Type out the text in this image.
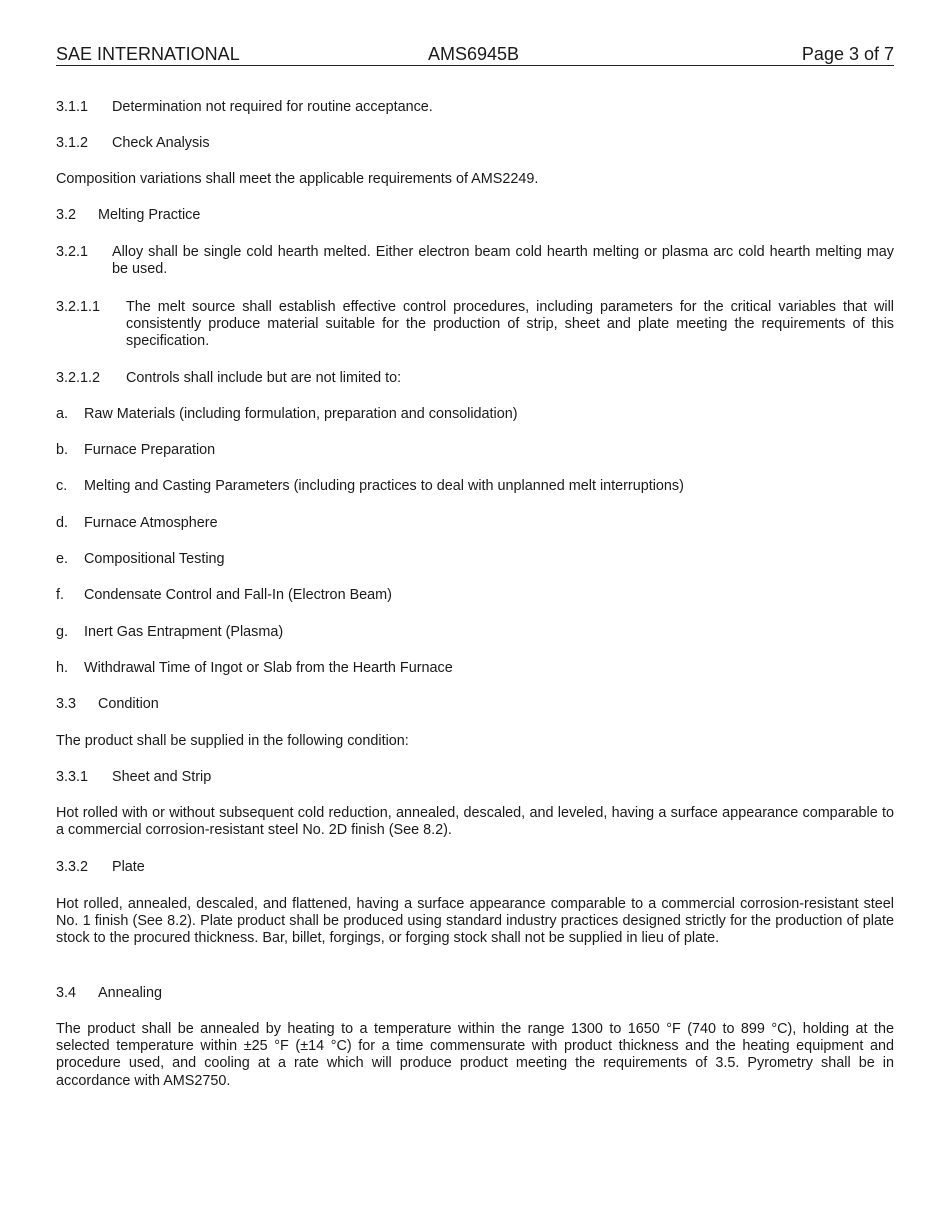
SAE INTERNATIONAL	AMS6945B	Page 3 of 7
3.1.1 Determination not required for routine acceptance.
3.1.2 Check Analysis
Composition variations shall meet the applicable requirements of AMS2249.
3.2 Melting Practice
3.2.1 Alloy shall be single cold hearth melted. Either electron beam cold hearth melting or plasma arc cold hearth melting may be used.
3.2.1.1 The melt source shall establish effective control procedures, including parameters for the critical variables that will consistently produce material suitable for the production of strip, sheet and plate meeting the requirements of this specification.
3.2.1.2 Controls shall include but are not limited to:
a. Raw Materials (including formulation, preparation and consolidation)
b. Furnace Preparation
c. Melting and Casting Parameters (including practices to deal with unplanned melt interruptions)
d. Furnace Atmosphere
e. Compositional Testing
f. Condensate Control and Fall-In (Electron Beam)
g. Inert Gas Entrapment (Plasma)
h. Withdrawal Time of Ingot or Slab from the Hearth Furnace
3.3 Condition
The product shall be supplied in the following condition:
3.3.1 Sheet and Strip
Hot rolled with or without subsequent cold reduction, annealed, descaled, and leveled, having a surface appearance comparable to a commercial corrosion-resistant steel No. 2D finish (See 8.2).
3.3.2 Plate
Hot rolled, annealed, descaled, and flattened, having a surface appearance comparable to a commercial corrosion-resistant steel No. 1 finish (See 8.2). Plate product shall be produced using standard industry practices designed strictly for the production of plate stock to the procured thickness. Bar, billet, forgings, or forging stock shall not be supplied in lieu of plate.
3.4 Annealing
The product shall be annealed by heating to a temperature within the range 1300 to 1650 °F (740 to 899 °C), holding at the selected temperature within ±25 °F (±14 °C) for a time commensurate with product thickness and the heating equipment and procedure used, and cooling at a rate which will produce product meeting the requirements of 3.5. Pyrometry shall be in accordance with AMS2750.
